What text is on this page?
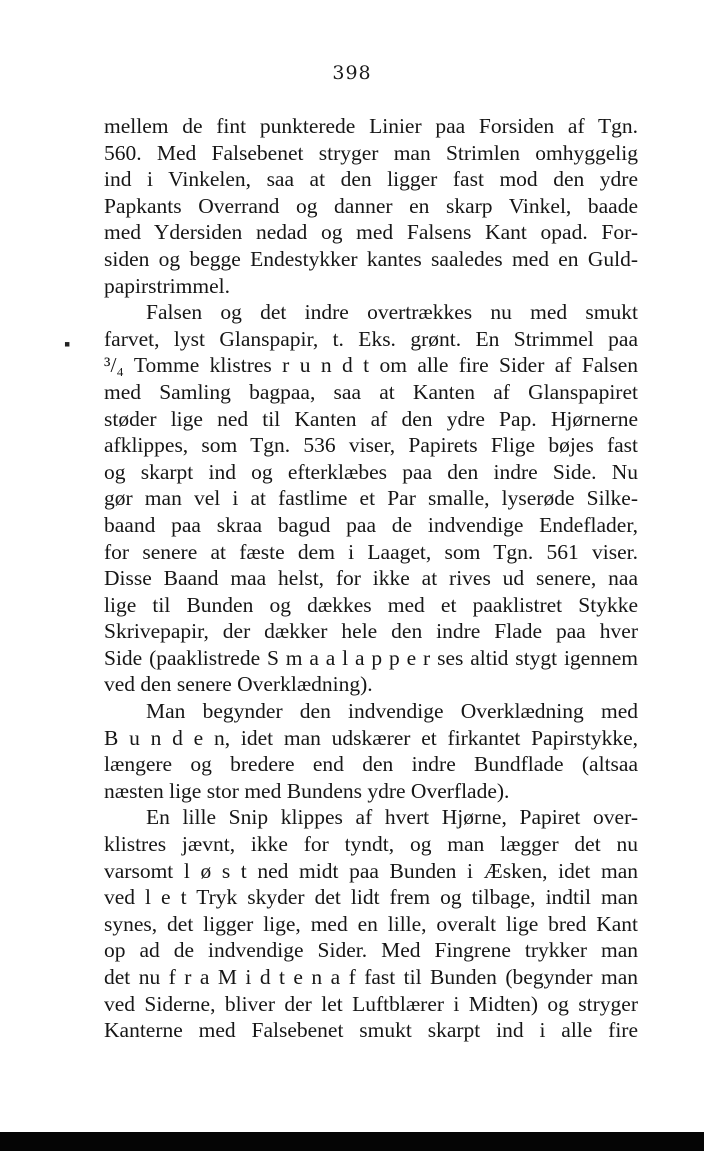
398
▪
mellem de fint punkterede Linier paa Forsiden af Tgn.
560. Med Falsebenet stryger man Strimlen omhyggelig
ind i Vinkelen, saa at den ligger fast mod den ydre
Papkants Overrand og danner en skarp Vinkel, baade
med Ydersiden nedad og med Falsens Kant opad. For-
siden og begge Endestykker kantes saaledes med en Guld-
papirstrimmel.
Falsen og det indre overtrækkes nu med smukt
farvet, lyst Glanspapir, t. Eks. grønt. En Strimmel paa
³/₄ Tomme klistres r u n d t om alle fire Sider af Falsen
med Samling bagpaa, saa at Kanten af Glanspapiret
støder lige ned til Kanten af den ydre Pap. Hjørnerne
afklippes, som Tgn. 536 viser, Papirets Flige bøjes fast
og skarpt ind og efterklæbes paa den indre Side. Nu
gør man vel i at fastlime et Par smalle, lyserøde Silke-
baand paa skraa bagud paa de indvendige Endeflader,
for senere at fæste dem i Laaget, som Tgn. 561 viser.
Disse Baand maa helst, for ikke at rives ud senere, naa
lige til Bunden og dækkes med et paaklistret Stykke
Skrivepapir, der dækker hele den indre Flade paa hver
Side (paaklistrede S m a a l a p p e r ses altid stygt igennem
ved den senere Overklædning).
Man begynder den indvendige Overklædning med
B u n d e n, idet man udskærer et firkantet Papirstykke,
længere og bredere end den indre Bundflade (altsaa
næsten lige stor med Bundens ydre Overflade).
En lille Snip klippes af hvert Hjørne, Papiret over-
klistres jævnt, ikke for tyndt, og man lægger det nu
varsomt l ø s t ned midt paa Bunden i Æsken, idet man
ved l e t Tryk skyder det lidt frem og tilbage, indtil man
synes, det ligger lige, med en lille, overalt lige bred Kant
op ad de indvendige Sider. Med Fingrene trykker man
det nu f r a M i d t e n a f fast til Bunden (begynder man
ved Siderne, bliver der let Luftblærer i Midten) og stryger
Kanterne med Falsebenet smukt skarpt ind i alle fire
